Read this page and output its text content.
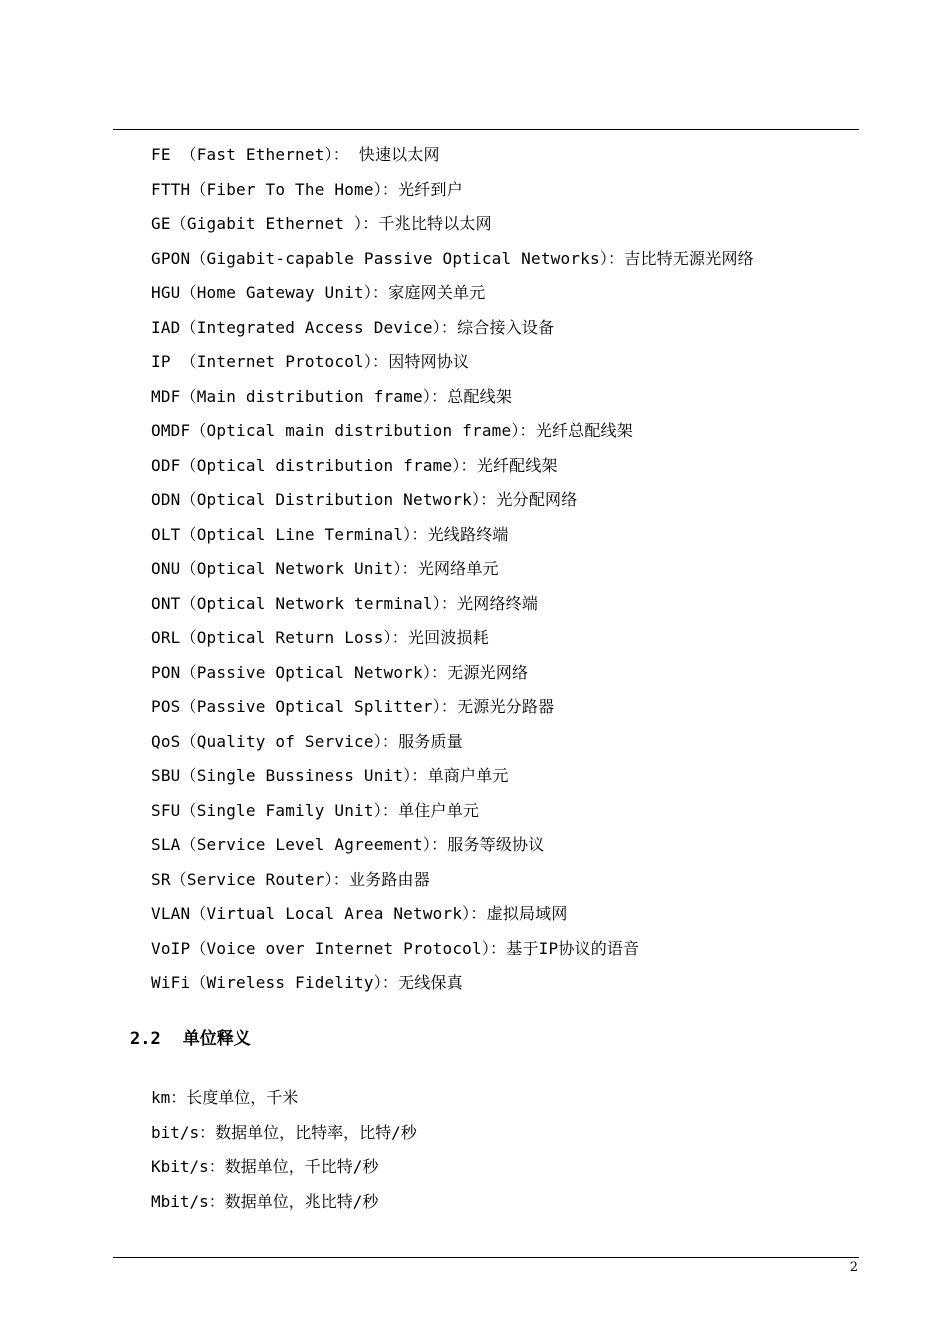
FE （Fast Ethernet）： 快速以太网
FTTH（Fiber To The Home）：光纤到户
GE（Gigabit Ethernet ）：千兆比特以太网
GPON（Gigabit-capable Passive Optical Networks）：吉比特无源光网络
HGU（Home Gateway Unit）：家庭网关单元
IAD（Integrated Access Device）：综合接入设备
IP （Internet Protocol）：因特网协议
MDF（Main distribution frame）：总配线架
OMDF（Optical main distribution frame）：光纤总配线架
ODF（Optical distribution frame）：光纤配线架
ODN（Optical Distribution Network）：光分配网络
OLT（Optical Line Terminal）：光线路终端
ONU（Optical Network Unit）：光网络单元
ONT（Optical Network terminal）：光网络终端
ORL（Optical Return Loss）：光回波损耗
PON（Passive Optical Network）：无源光网络
POS（Passive Optical Splitter）：无源光分路器
QoS（Quality of Service）：服务质量
SBU（Single Bussiness Unit）：单商户单元
SFU（Single Family Unit）：单住户单元
SLA（Service Level Agreement）：服务等级协议
SR（Service Router）：业务路由器
VLAN（Virtual Local Area Network）：虚拟局域网
VoIP（Voice over Internet Protocol）：基于IP协议的语音
WiFi（Wireless Fidelity）：无线保真
2.2 单位释义
km：长度单位，千米
bit/s：数据单位，比特率，比特/秒
Kbit/s：数据单位，千比特/秒
Mbit/s：数据单位，兆比特/秒
2
